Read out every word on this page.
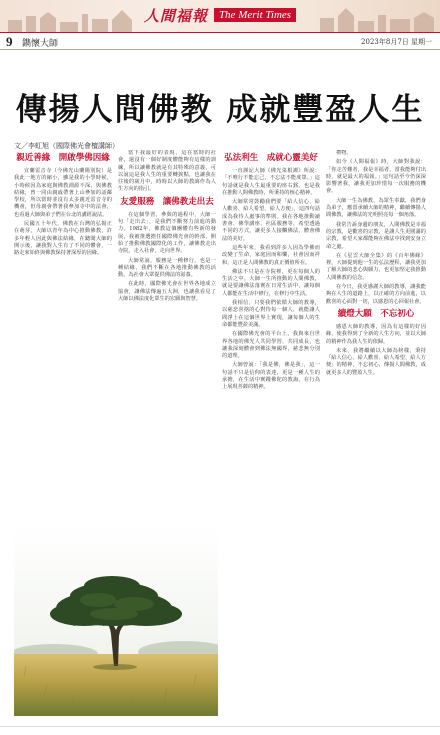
人間福報	The Merit Times
9 鐫懷大師	2023年8月7日 星期一
傳揚人間佛教 成就豐盈人生
文／李虹旭（國際佛光會檀講師）
親近善緣　開啟學佛因緣

宜蘭雷音寺（今佛光山蘭陽別院）是我此一地方的縮小，雖是我的小學時候，小時候因為家庭與佛教淵源不深，與佛教結緣，曾一同由親戚帶著上山參加的話鄰學校，所以當時並沒有太多親近雷音寺的機會，但母親會帶著我參加寺中的法會，也看過大師與弟子們在台北的講經說法。

民國五十年代，佛教在台灣的弘揚正在萌芽，大師以青年為中心推動佛教，許多年輕人因此與佛法結緣，在聽聞大師的開示後，讓我對人生有了不同的體會，一路走來始終與佛教保持著深厚的因緣。

當下我最好的表現，這在當時的社會，還沒有一個好制度體能夠有這樣的訓練，所以讓佛教就是有其特殊的意義，可以說這是我人生的重要轉捩點，也讓我在往後的歲月中，時時以大師的教誨作為人生方向的指引。

友愛服務　讓佛教走出去

在這個學習，參與的過程中，大師一句「走出去」，是我們不斷努力前進的動力。1982年，佛教這個團體有些新的發展，我被推選擔任國際佛光會的幹部，開始了推動佛教國際化的工作，讓佛教走出寺院，走入社會，走向世界。

大師常說，服務是一種修行，也是一種結緣，我們不斷在各地推動佛教的活動，為社會大眾提供佛法的滋養。

在此時，國際佛光會在世界各地成立協會，讓佛法傳遍五大洲，也讓我看見了大師以佛法度化眾生的宏願與智慧。

弘法利生　成就心靈美好

一直謹記大師《佛光菜根譚》所說：「不唯行不能忘己，不忘法不能度眾。」這句話就是我人生最重要的座右銘，也是我在推動人間佛教時，所秉持的核心精神。

大師常常鼓勵我們要「給人信心、給人歡喜、給人希望、給人方便」，這四句話成為我待人處事的準則。我在各地推動讀書會、佛學講座、社區服務等，希望透過不同的方式，讓更多人接觸佛法，體會佛法的美好。

這些年來，我看到許多人因為學佛而改變了生命，家庭因而和樂，社會因而祥和，這正是人間佛教的真正價值所在。

佛法不只是在寺院裡，更在每個人的生活之中。大師一生所推動的人間佛教，就是要讓佛法落實在日常生活中，讓每個人都能在生活中修行，在修行中生活。

我相信，只要我們依循大師的教導，以慈悲喜捨的心對待每一個人，就能讓人間淨土在這個世界上實現，讓每個人的生命都能豐盈美滿。

在國際佛光會的平台上，我與來自世界各地的佛光人共同學習、共同成長，也讓我深刻體會到佛法無國界，慈悲無分別的道理。

大師曾說：「我是佛，佛是我」，這一句話不只是信仰的表達，更是一種人生的承擔，在生活中實踐佛陀的教誨，在行為上展現菩薩的精神。

禮物。

如今《人間福報》時，大師對我說：「你走苦難者，我是幸福者，當我能夠付出時，就是最大的福報。」這句話至今仍深深影響著我，讓我更加珍惜每一次服務的機會。

大師一生為佛教、為眾生奉獻，我們身為弟子，應當承續大師的精神，繼續傳揚人間佛教，讓佛法的光明照亮每一個角落。

我常告訴身邊的朋友，人間佛教是幸福的宗教，是歡喜的宗教，是讓人生更圓滿的宗教，希望大家都能夠在佛法中找到安身立命之處。

在《星雲大師全集》的《百年佛緣》裡，大師提到他一生的弘法歷程，讓我更加了解大師的悲心與願力，也更加堅定我推動人間佛教的信念。

在今日，我更感謝大師的教導，讓我能夠在人生的道路上，以正確的方向前進，以歡喜的心面對一切，以感恩的心回報社會。

續燈大願　不忘初心

感恩大師的教導，因為有這樣的好因緣，使我得到了全新的人生方向，並以大師的精神作為我人生的依歸。

未來，我將繼續以大師為榜樣，秉持「給人信心、給人歡喜、給人希望、給人方便」的精神，不忘初心，傳揚人間佛教，成就更多人的豐盈人生。
